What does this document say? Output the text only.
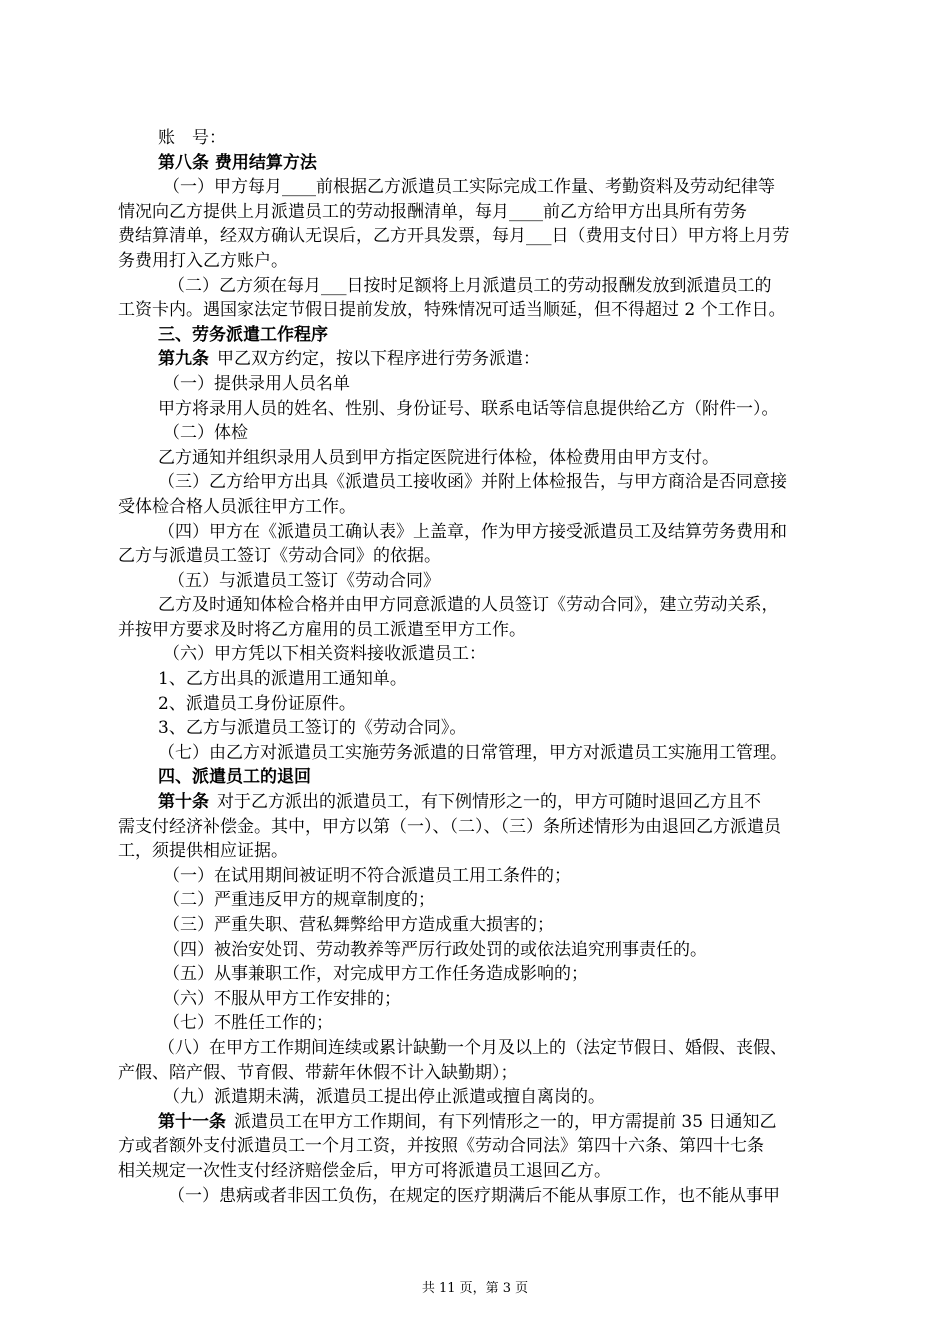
账　号：
第八条 费用结算方法
（一）甲方每月____前根据乙方派遣员工实际完成工作量、考勤资料及劳动纪律等
情况向乙方提供上月派遣员工的劳动报酬清单，每月____前乙方给甲方出具所有劳务
费结算清单，经双方确认无误后，乙方开具发票，每月___日（费用支付日）甲方将上月劳
务费用打入乙方账户。
（二）乙方须在每月___日按时足额将上月派遣员工的劳动报酬发放到派遣员工的
工资卡内。遇国家法定节假日提前发放，特殊情况可适当顺延，但不得超过 2 个工作日。
三、劳务派遣工作程序
第九条 甲乙双方约定，按以下程序进行劳务派遣：
（一）提供录用人员名单
甲方将录用人员的姓名、性别、身份证号、联系电话等信息提供给乙方（附件一）。
（二）体检
乙方通知并组织录用人员到甲方指定医院进行体检，体检费用由甲方支付。
（三）乙方给甲方出具《派遣员工接收函》并附上体检报告，与甲方商洽是否同意接
受体检合格人员派往甲方工作。
（四）甲方在《派遣员工确认表》上盖章，作为甲方接受派遣员工及结算劳务费用和
乙方与派遣员工签订《劳动合同》的依据。
（五）与派遣员工签订《劳动合同》
乙方及时通知体检合格并由甲方同意派遣的人员签订《劳动合同》，建立劳动关系，
并按甲方要求及时将乙方雇用的员工派遣至甲方工作。
（六）甲方凭以下相关资料接收派遣员工：
1、乙方出具的派遣用工通知单。
2、派遣员工身份证原件。
3、乙方与派遣员工签订的《劳动合同》。
（七）由乙方对派遣员工实施劳务派遣的日常管理，甲方对派遣员工实施用工管理。
四、派遣员工的退回
第十条 对于乙方派出的派遣员工，有下例情形之一的，甲方可随时退回乙方且不
需支付经济补偿金。其中，甲方以第（一）、（二）、（三）条所述情形为由退回乙方派遣员
工，须提供相应证据。
（一）在试用期间被证明不符合派遣员工用工条件的；
（二）严重违反甲方的规章制度的；
（三）严重失职、营私舞弊给甲方造成重大损害的；
（四）被治安处罚、劳动教养等严厉行政处罚的或依法追究刑事责任的。
（五）从事兼职工作，对完成甲方工作任务造成影响的；
（六）不服从甲方工作安排的；
（七）不胜任工作的；
（八）在甲方工作期间连续或累计缺勤一个月及以上的（法定节假日、婚假、丧假、
产假、陪产假、节育假、带薪年休假不计入缺勤期）；
（九）派遣期未满，派遣员工提出停止派遣或擅自离岗的。
第十一条 派遣员工在甲方工作期间，有下列情形之一的，甲方需提前 35 日通知乙
方或者额外支付派遣员工一个月工资，并按照《劳动合同法》第四十六条、第四十七条
相关规定一次性支付经济赔偿金后，甲方可将派遣员工退回乙方。
（一）患病或者非因工负伤，在规定的医疗期满后不能从事原工作，也不能从事甲
共 11 页，第 3 页
